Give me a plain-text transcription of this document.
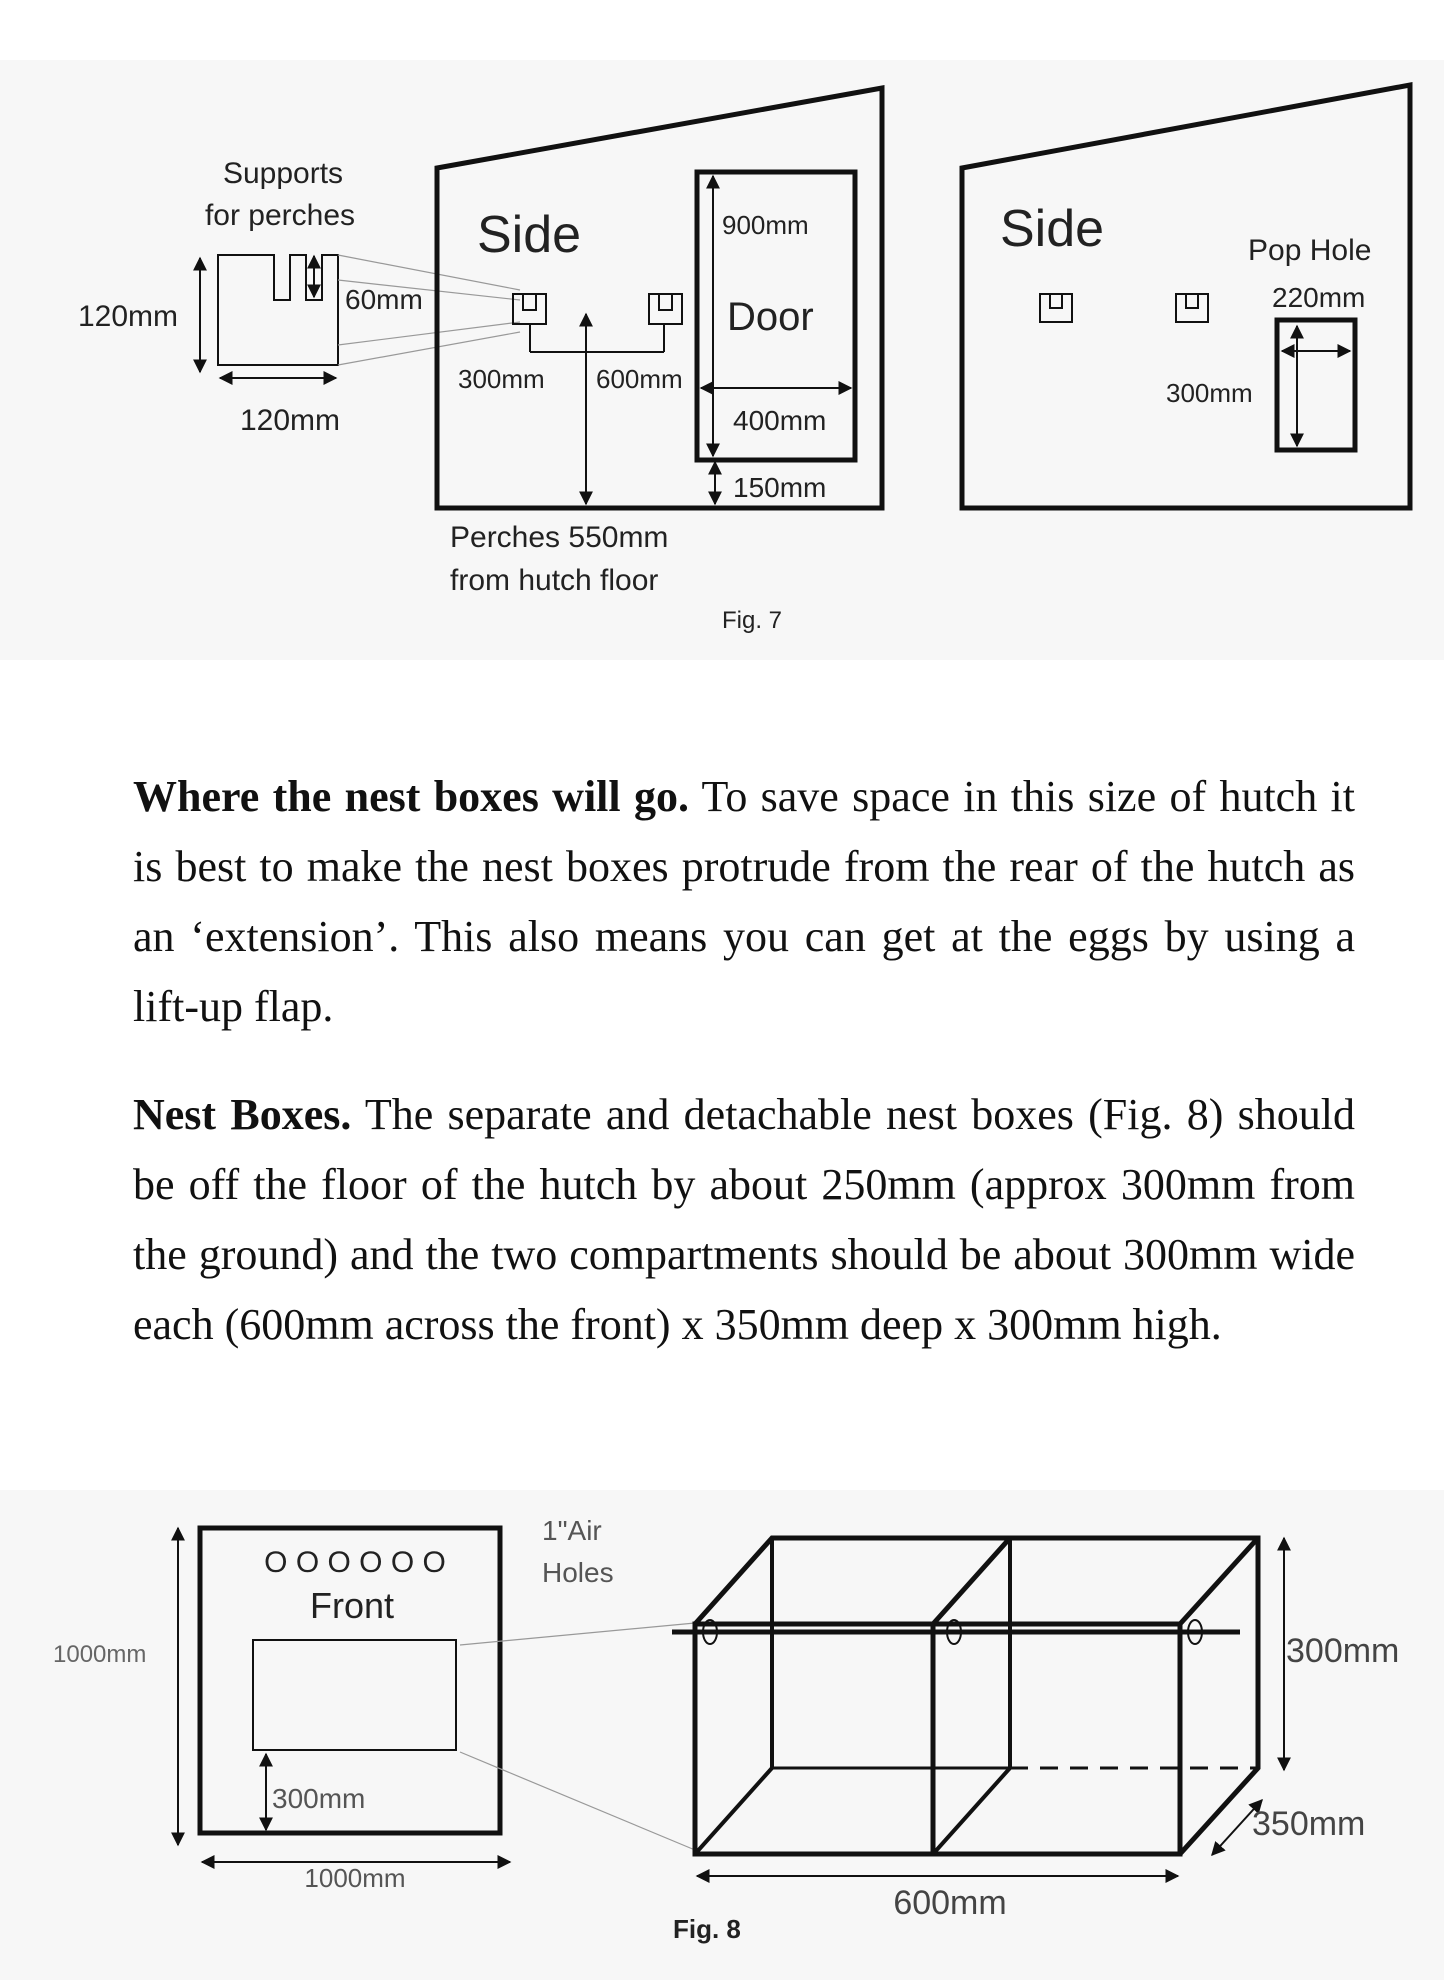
Supports
for perches
120mm
60mm
120mm
Side
300mm 600mm
900mm
Door
400mm
150mm
Perches 550mm
from hutch floor
Side	Pop Hole
220mm
300mm
Fig. 7

Where the nest boxes will go. To save space in this size of hutch it is best to make the nest boxes protrude from the rear of the hutch as an ‘extension’. This also means you can get at the eggs by using a lift-up flap.

Nest Boxes. The separate and detachable nest boxes (Fig. 8) should be off the floor of the hutch by about 250mm (approx 300mm from the ground) and the two compartments should be about 300mm wide each (600mm across the front) x 350mm deep x 300mm high.

1000mm
O O O O O O
Front
300mm
1000mm
1"Air
Holes
300mm
350mm
600mm
Fig. 8
